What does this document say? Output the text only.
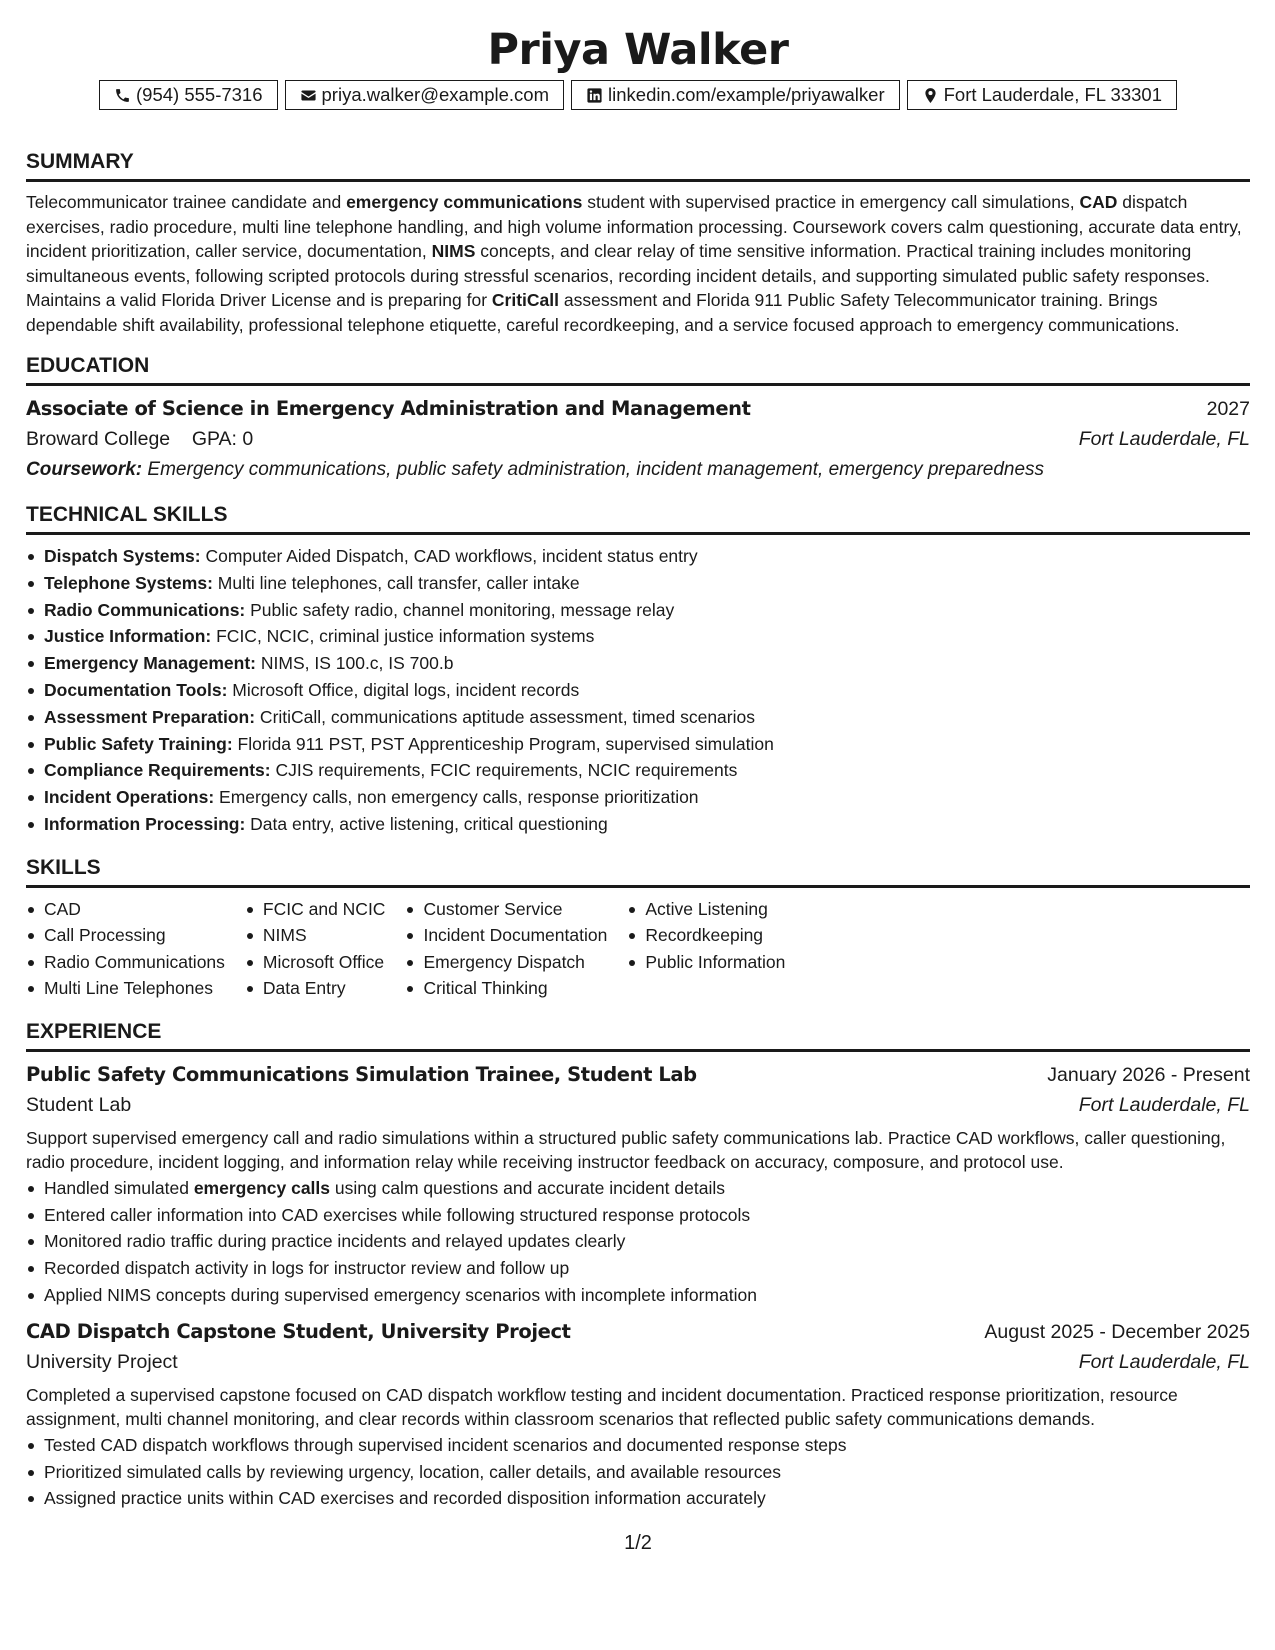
Priya Walker
(954) 555-7316	priya.walker@example.com	linkedin.com/example/priyawalker	Fort Lauderdale, FL 33301
SUMMARY

Telecommunicator trainee candidate and emergency communications student with supervised practice in emergency call simulations, CAD dispatch exercises, radio procedure, multi line telephone handling, and high volume information processing. Coursework covers calm questioning, accurate data entry, incident prioritization, caller service, documentation, NIMS concepts, and clear relay of time sensitive information. Practical training includes monitoring simultaneous events, following scripted protocols during stressful scenarios, recording incident details, and supporting simulated public safety responses. Maintains a valid Florida Driver License and is preparing for CritiCall assessment and Florida 911 Public Safety Telecommunicator training. Brings dependable shift availability, professional telephone etiquette, careful recordkeeping, and a service focused approach to emergency communications.

EDUCATION
Associate of Science in Emergency Administration and Management	2027
Broward College GPA: 0	Fort Lauderdale, FL
Coursework: Emergency communications, public safety administration, incident management, emergency preparedness
TECHNICAL SKILLS
Dispatch Systems: Computer Aided Dispatch, CAD workflows, incident status entry
Telephone Systems: Multi line telephones, call transfer, caller intake
Radio Communications: Public safety radio, channel monitoring, message relay
Justice Information: FCIC, NCIC, criminal justice information systems
Emergency Management: NIMS, IS 100.c, IS 700.b
Documentation Tools: Microsoft Office, digital logs, incident records
Assessment Preparation: CritiCall, communications aptitude assessment, timed scenarios
Public Safety Training: Florida 911 PST, PST Apprenticeship Program, supervised simulation
Compliance Requirements: CJIS requirements, FCIC requirements, NCIC requirements
Incident Operations: Emergency calls, non emergency calls, response prioritization
Information Processing: Data entry, active listening, critical questioning
SKILLS
CAD
Call Processing
Radio Communications
Multi Line Telephones
FCIC and NCIC
NIMS
Microsoft Office
Data Entry
Customer Service
Incident Documentation
Emergency Dispatch
Critical Thinking
Active Listening
Recordkeeping
Public Information
EXPERIENCE
Public Safety Communications Simulation Trainee, Student Lab	January 2026 - Present
Student Lab	Fort Lauderdale, FL

Support supervised emergency call and radio simulations within a structured public safety communications lab. Practice CAD workflows, caller questioning, radio procedure, incident logging, and information relay while receiving instructor feedback on accuracy, composure, and protocol use.

Handled simulated emergency calls using calm questions and accurate incident details
Entered caller information into CAD exercises while following structured response protocols
Monitored radio traffic during practice incidents and relayed updates clearly
Recorded dispatch activity in logs for instructor review and follow up
Applied NIMS concepts during supervised emergency scenarios with incomplete information
CAD Dispatch Capstone Student, University Project	August 2025 - December 2025
University Project	Fort Lauderdale, FL

Completed a supervised capstone focused on CAD dispatch workflow testing and incident documentation. Practiced response prioritization, resource assignment, multi channel monitoring, and clear records within classroom scenarios that reflected public safety communications demands.

Tested CAD dispatch workflows through supervised incident scenarios and documented response steps
Prioritized simulated calls by reviewing urgency, location, caller details, and available resources
Assigned practice units within CAD exercises and recorded disposition information accurately
1/2
